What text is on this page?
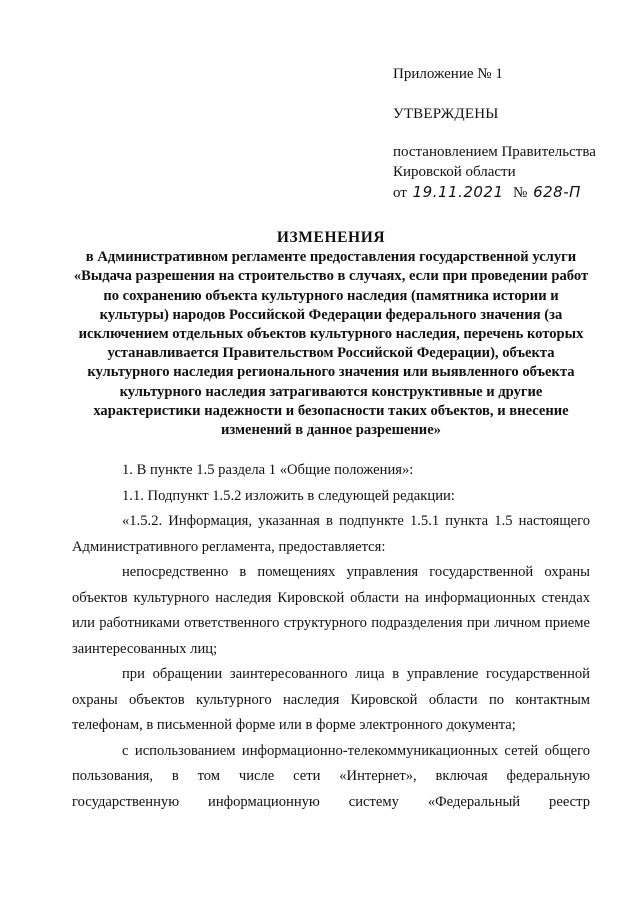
Приложение № 1

УТВЕРЖДЕНЫ

постановлением Правительства

Кировской области

от 19.11.2021 № 628-П

ИЗМЕНЕНИЯ

в Административном регламенте предоставления государственной услуги «Выдача разрешения на строительство в случаях, если при проведении работ по сохранению объекта культурного наследия (памятника истории и культуры) народов Российской Федерации федерального значения (за исключением отдельных объектов культурного наследия, перечень которых устанавливается Правительством Российской Федерации), объекта культурного наследия регионального значения или выявленного объекта культурного наследия затрагиваются конструктивные и другие характеристики надежности и безопасности таких объектов, и внесение изменений в данное разрешение»

1. В пункте 1.5 раздела 1 «Общие положения»:

1.1. Подпункт 1.5.2 изложить в следующей редакции:

«1.5.2. Информация, указанная в подпункте 1.5.1 пункта 1.5 настоящего Административного регламента, предоставляется:

непосредственно в помещениях управления государственной охраны объектов культурного наследия Кировской области на информационных стендах или работниками ответственного структурного подразделения при личном приеме заинтересованных лиц;

при обращении заинтересованного лица в управление государственной охраны объектов культурного наследия Кировской области по контактным телефонам, в письменной форме или в форме электронного документа;

с использованием информационно-телекоммуникационных сетей общего пользования, в том числе сети «Интернет», включая федеральную государственную информационную систему «Федеральный реестр
